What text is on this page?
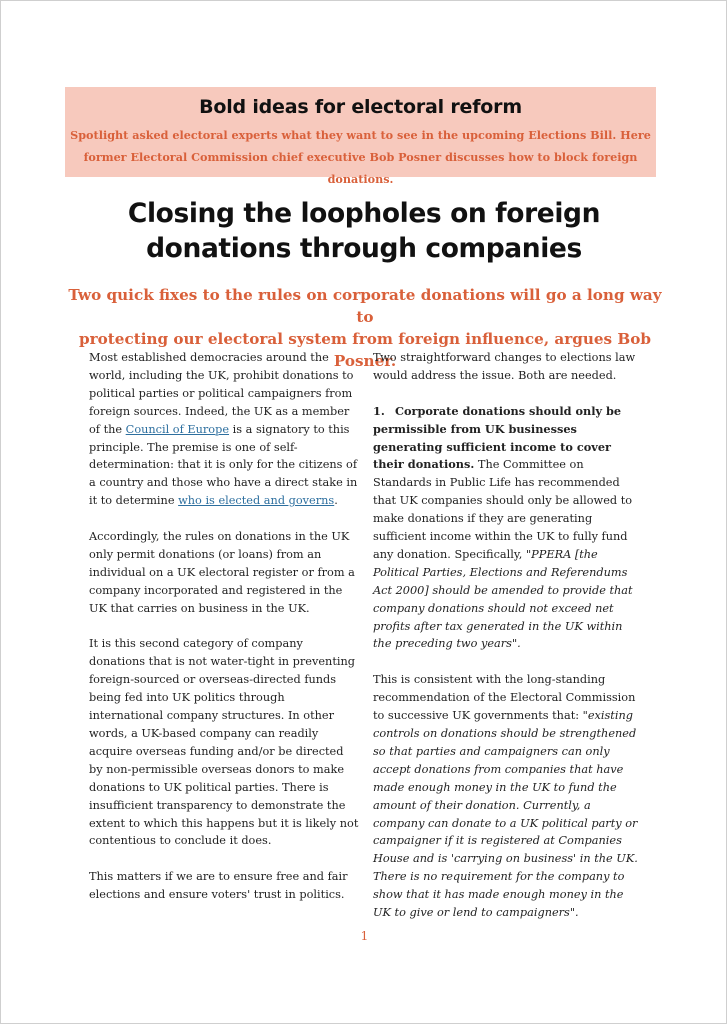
Bold ideas for electoral reform
Spotlight asked electoral experts what they want to see in the upcoming Elections Bill. Here
former Electoral Commission chief executive Bob Posner discusses how to block foreign donations.
Closing the loopholes on foreign
donations through companies
Two quick fixes to the rules on corporate donations will go a long way to
protecting our electoral system from foreign influence, argues Bob Posner.

Most established democracies around the world, including the UK, prohibit donations to political parties or political campaigners from foreign sources. Indeed, the UK as a member of the Council of Europe is a signatory to this principle. The premise is one of self-determination: that it is only for the citizens of a country and those who have a direct stake in it to determine who is elected and governs.

Accordingly, the rules on donations in the UK only permit donations (or loans) from an individual on a UK electoral register or from a company incorporated and registered in the UK that carries on business in the UK.

It is this second category of company donations that is not water-tight in preventing foreign-sourced or overseas-directed funds being fed into UK politics through international company structures. In other words, a UK-based company can readily acquire overseas funding and/or be directed by non-permissible overseas donors to make donations to UK political parties. There is insufficient transparency to demonstrate the extent to which this happens but it is likely not contentious to conclude it does.

This matters if we are to ensure free and fair elections and ensure voters' trust in politics.

Two straightforward changes to elections law would address the issue. Both are needed.

1. Corporate donations should only be permissible from UK businesses generating sufficient income to cover their donations. The Committee on Standards in Public Life has recommended that UK companies should only be allowed to make donations if they are generating sufficient income within the UK to fully fund any donation. Specifically, "PPERA [the Political Parties, Elections and Referendums Act 2000] should be amended to provide that company donations should not exceed net profits after tax generated in the UK within the preceding two years".

This is consistent with the long-standing recommendation of the Electoral Commission to successive UK governments that: "existing controls on donations should be strengthened so that parties and campaigners can only accept donations from companies that have made enough money in the UK to fund the amount of their donation. Currently, a company can donate to a UK political party or campaigner if it is registered at Companies House and is 'carrying on business' in the UK. There is no requirement for the company to show that it has made enough money in the UK to give or lend to campaigners".

1
